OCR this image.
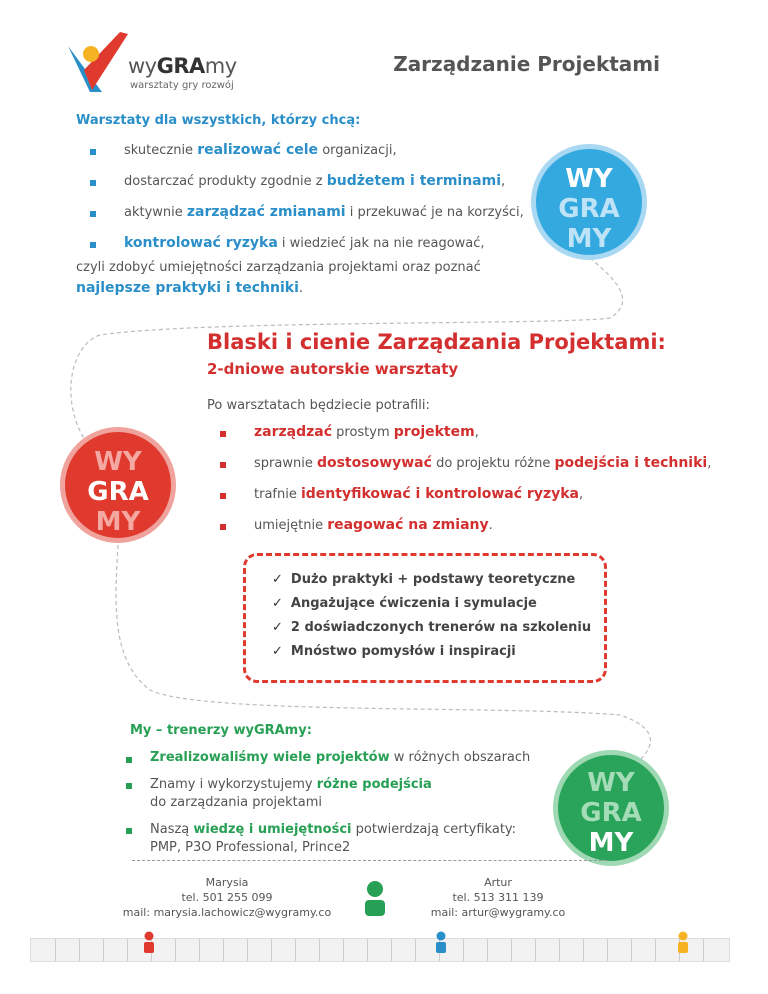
wyGRAmy
warsztaty gry rozwój
Zarządzanie Projektami
Warsztaty dla wszystkich, którzy chcą:
skutecznie realizować cele organizacji,
dostarczać produkty zgodnie z budżetem i terminami,
aktywnie zarządzać zmianami i przekuwać je na korzyści,
kontrolować ryzyka i wiedzieć jak na nie reagować,
czyli zdobyć umiejętności zarządzania projektami oraz poznać
najlepsze praktyki i techniki.
WY
GRA
MY
Blaski i cienie Zarządzania Projektami:
2-dniowe autorskie warsztaty
Po warsztatach będziecie potrafili:
zarządzać prostym projektem,
sprawnie dostosowywać do projektu różne podejścia i techniki,
trafnie identyfikować i kontrolować ryzyka,
umiejętnie reagować na zmiany.
WY
GRA
MY
✓ Dużo praktyki + podstawy teoretyczne
✓ Angażujące ćwiczenia i symulacje
✓ 2 doświadczonych trenerów na szkoleniu
✓ Mnóstwo pomysłów i inspiracji
My – trenerzy wyGRAmy:
Zrealizowaliśmy wiele projektów w różnych obszarach
Znamy i wykorzystujemy różne podejścia
do zarządzania projektami
Naszą wiedzę i umiejętności potwierdzają certyfikaty:
PMP, P3O Professional, Prince2
WY
GRA
MY
Marysia
tel. 501 255 099
mail: marysia.lachowicz@wygramy.co
Artur
tel. 513 311 139
mail: artur@wygramy.co
